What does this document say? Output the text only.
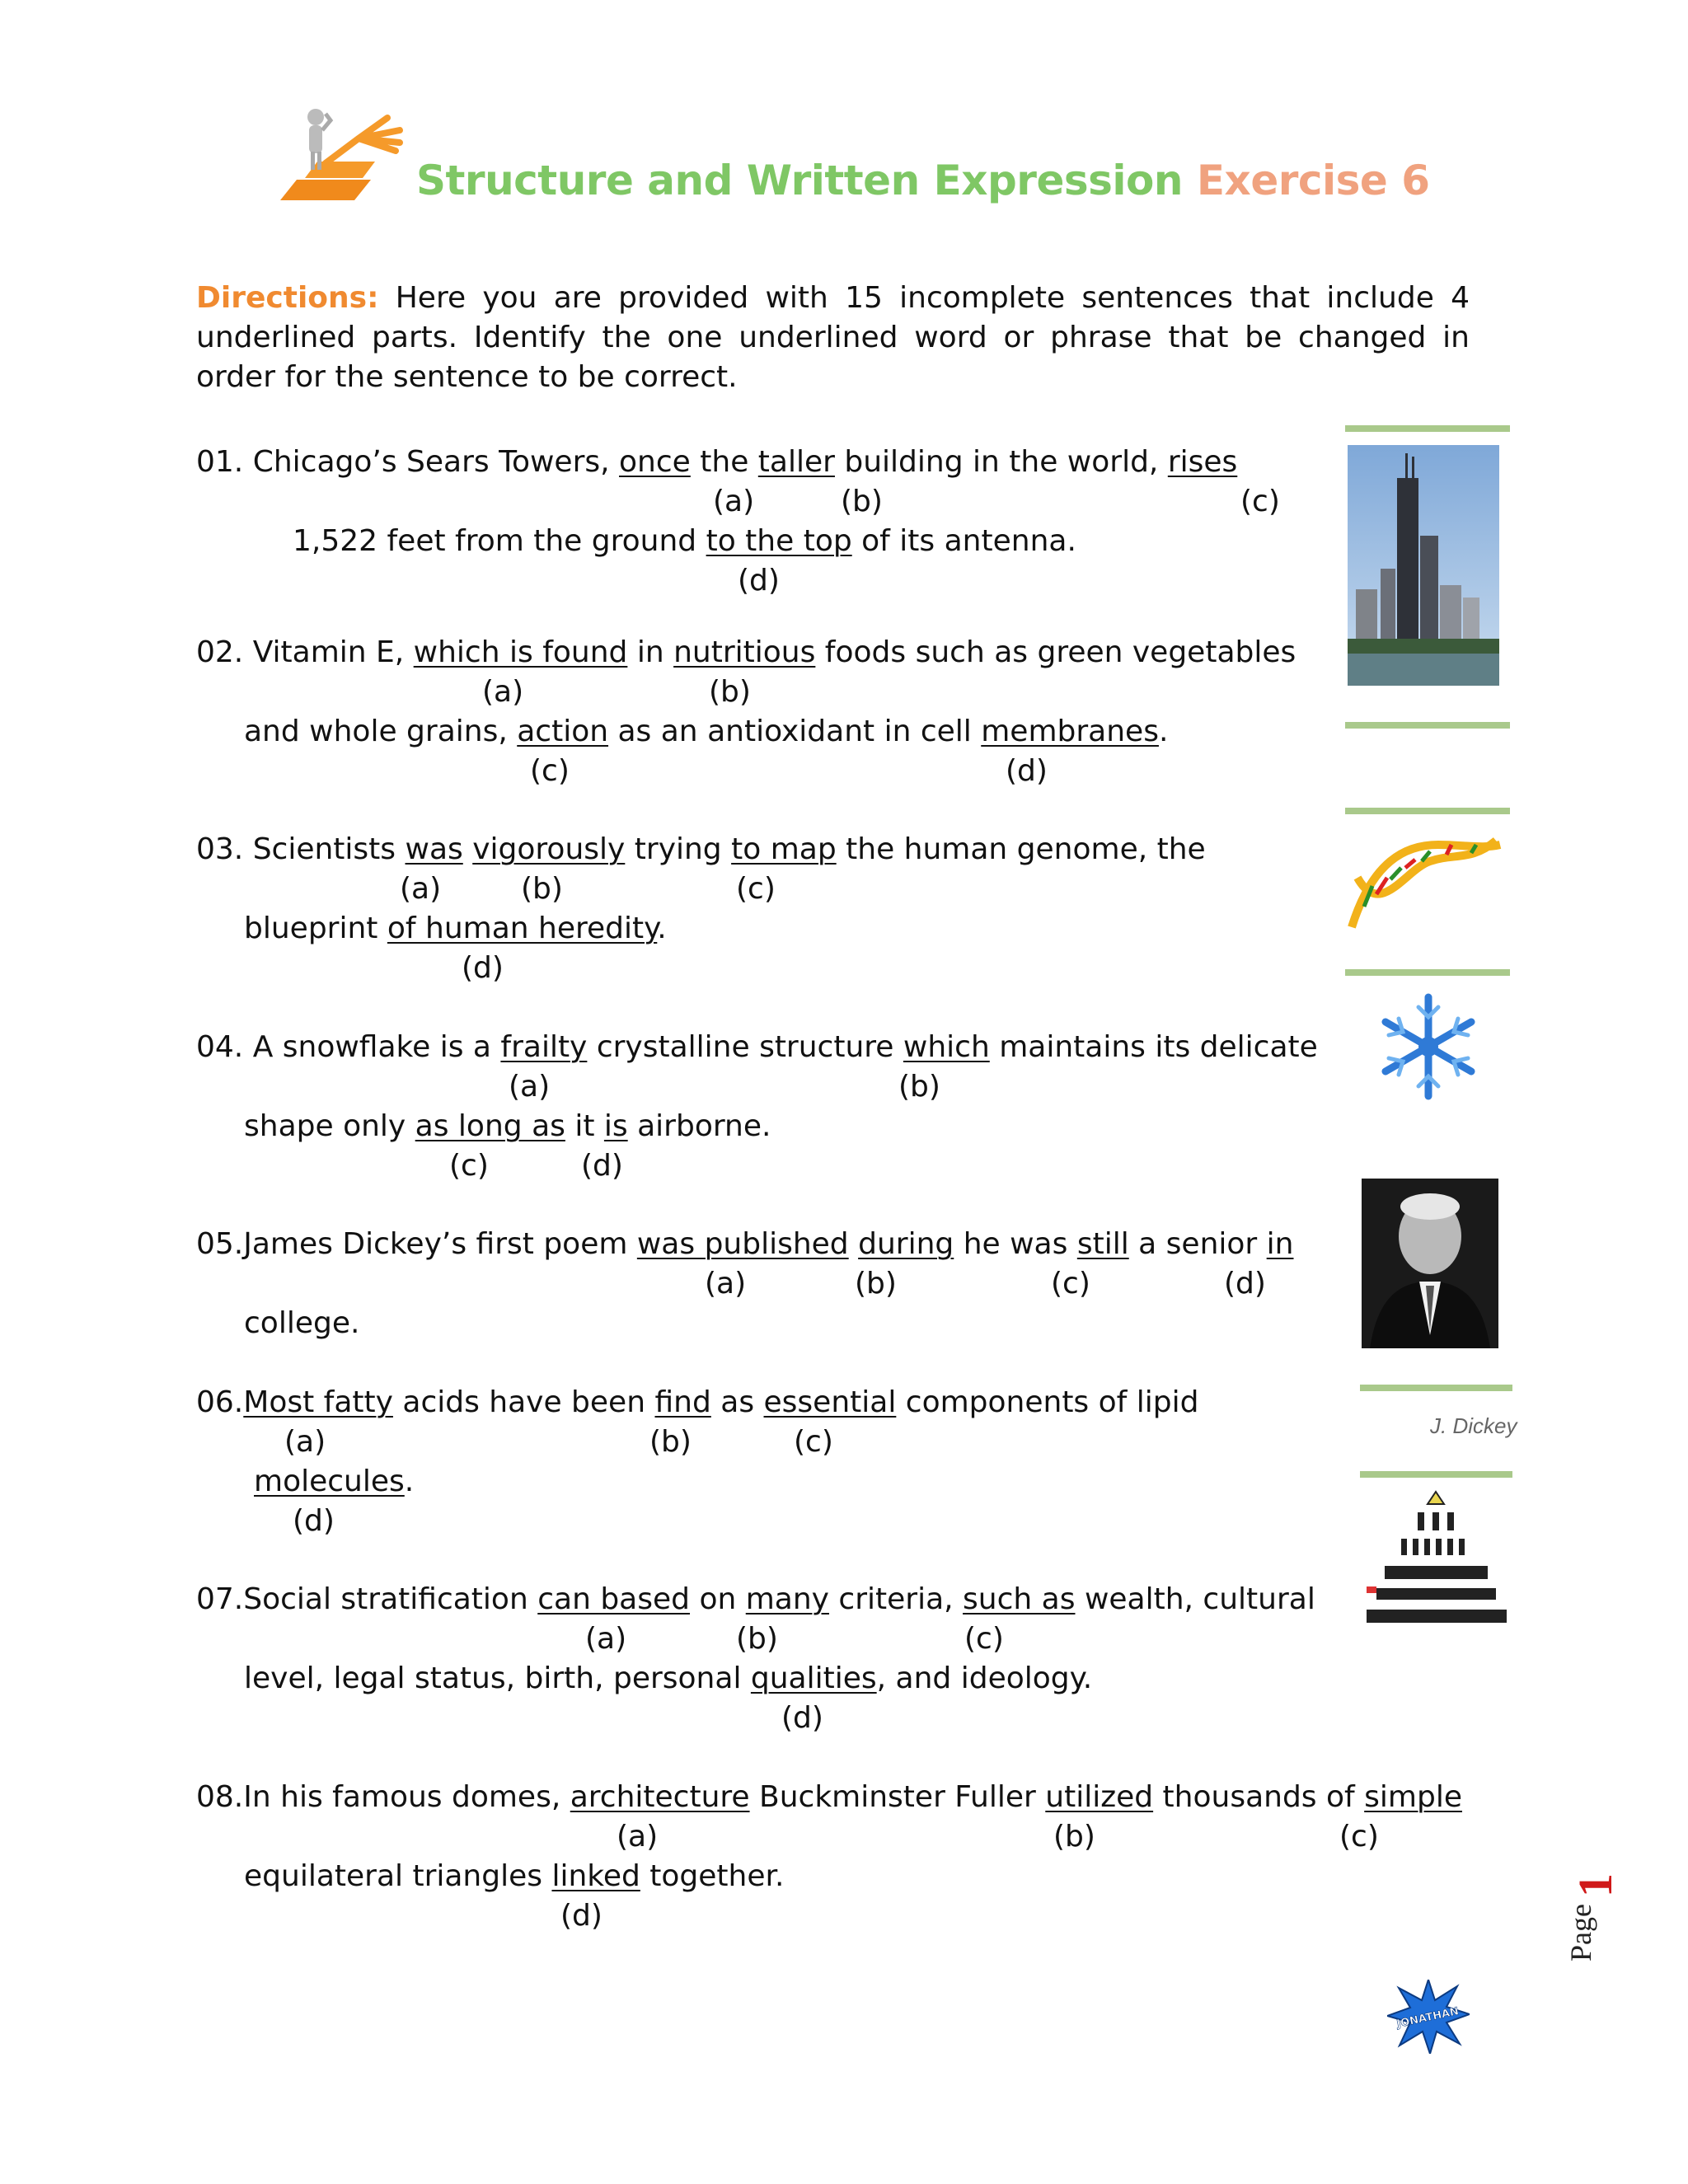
Structure and Written Expression Exercise 6
Directions: Here you are provided with 15 incomplete sentences that include 4 underlined parts. Identify the one underlined word or phrase that be changed in order for the sentence to be correct.
01. Chicago’s Sears Towers, once the taller building in the world, rises
1,522 feet from the ground to the top of its antenna.
(a)	(b)	(c)
(d)
02. Vitamin E, which is found in nutritious foods such as green vegetables
and whole grains, action as an antioxidant in cell membranes.
(a)	(b)
(c)	(d)
03. Scientists was vigorously trying to map the human genome, the
blueprint of human heredity.
(a)	(b)	(c)
(d)
04. A snowflake is a frailty crystalline structure which maintains its delicate
shape only as long as it is airborne.
(a)	(b)
(c)	(d)
05.James Dickey’s first poem was published during he was still a senior in
college.
(a)	(b)	(c)	(d)
06.Most fatty acids have been find as essential components of lipid
molecules.
(a)	(b)	(c)
(d)
07.Social stratification can based on many criteria, such as wealth, cultural
level, legal status, birth, personal qualities, and ideology.
(a)	(b)	(c)
(d)
08.In his famous domes, architecture Buckminster Fuller utilized thousands of simple
equilateral triangles linked together.
(a)	(b)	(c)
(d)
J. Dickey
Page
1
JONATHAN
